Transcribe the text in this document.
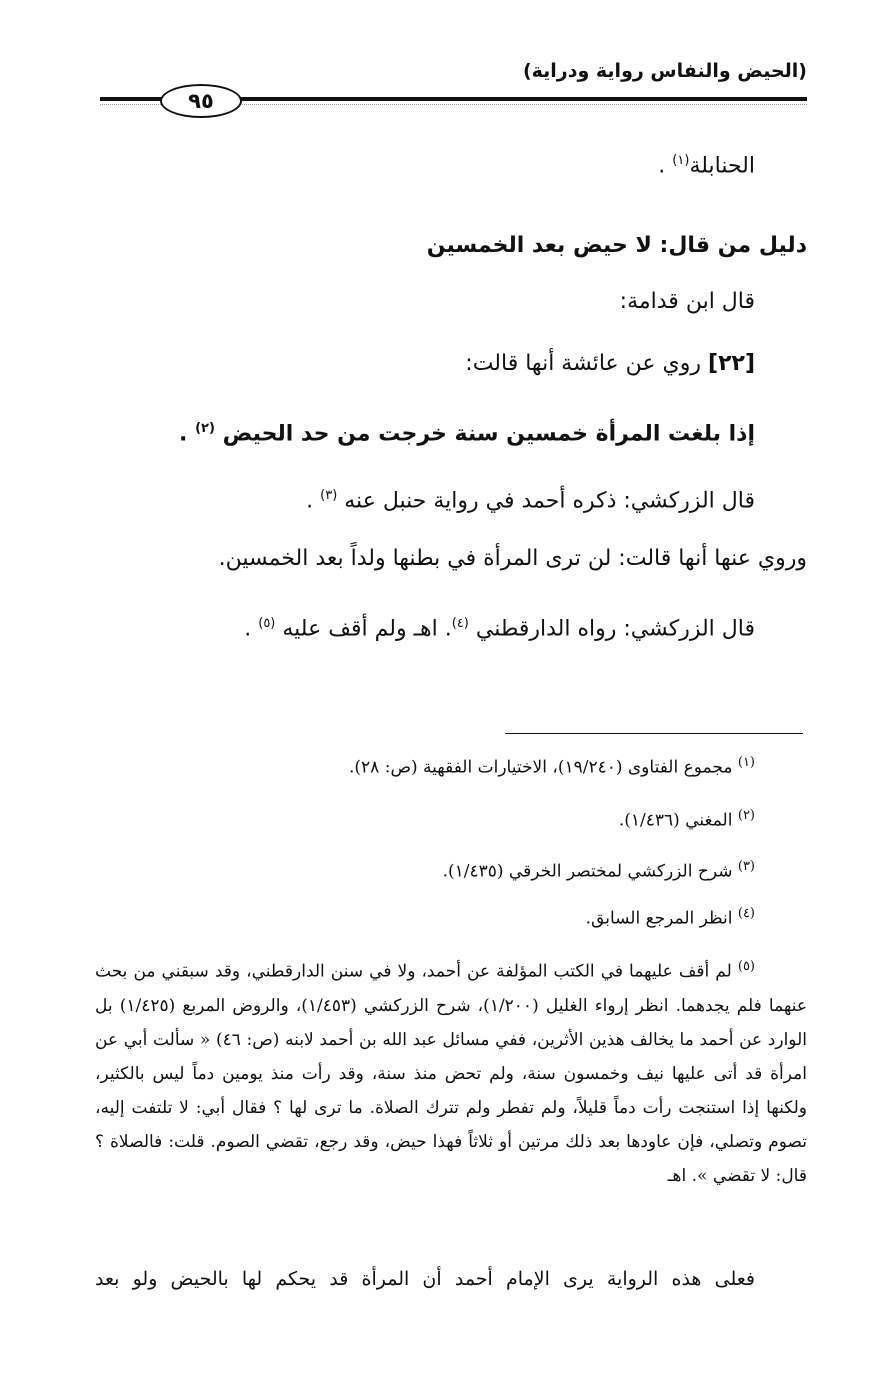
(الحيض والنفاس رواية ودراية)
٩٥
الحنابلة$^{(١)}$ .
دليل من قال: لا حيض بعد الخمسين
قال ابن قدامة:
[٢٢] روي عن عائشة أنها قالت:
إذا بلغت المرأة خمسين سنة خرجت من حد الحيض $^{(٢)}$ .
قال الزركشي: ذكره أحمد في رواية حنبل عنه $^{(٣)}$ .
وروي عنها أنها قالت: لن ترى المرأة في بطنها ولداً بعد الخمسين.
قال الزركشي: رواه الدارقطني $^{(٤)}$. اهـ ولم أقف عليه $^{(٥)}$ .
$^{(١)}$ مجموع الفتاوى (١٩/٢٤٠)، الاختيارات الفقهية (ص: ٢٨).
$^{(٢)}$ المغني (١/٤٣٦).
$^{(٣)}$ شرح الزركشي لمختصر الخرقي (١/٤٣٥).
$^{(٤)}$ انظر المرجع السابق.
$^{(٥)}$ لم أقف عليهما في الكتب المؤلفة عن أحمد، ولا في سنن الدارقطني، وقد سبقني من بحث عنهما فلم يجدهما. انظر إرواء الغليل (١/٢٠٠)، شرح الزركشي (١/٤٥٣)، والروض المربع (١/٤٢٥) بل الوارد عن أحمد ما يخالف هذين الأثرين، ففي مسائل عبد الله بن أحمد لابنه (ص: ٤٦) « سألت أبي عن امرأة قد أتى عليها نيف وخمسون سنة، ولم تحض منذ سنة، وقد رأت منذ يومين دماً ليس بالكثير، ولكنها إذا استنجت رأت دماً قليلاً، ولم تفطر ولم تترك الصلاة. ما ترى لها ؟ فقال أبي: لا تلتفت إليه، تصوم وتصلي، فإن عاودها بعد ذلك مرتين أو ثلاثاً فهذا حيض، وقد رجع، تقضي الصوم. قلت: فالصلاة ؟ قال: لا تقضي ». اهـ
فعلى هذه الرواية يرى الإمام أحمد أن المرأة قد يحكم لها بالحيض ولو بعد
